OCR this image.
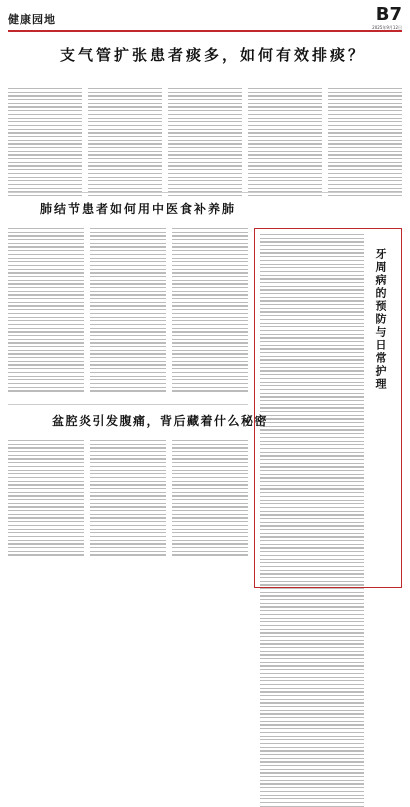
健康园地	B7
2025年9月12日
支气管扩张患者痰多，如何有效排痰？
肺结节患者如何用中医食补养肺
牙周病的预防与日常护理
盆腔炎引发腹痛，背后藏着什么秘密
